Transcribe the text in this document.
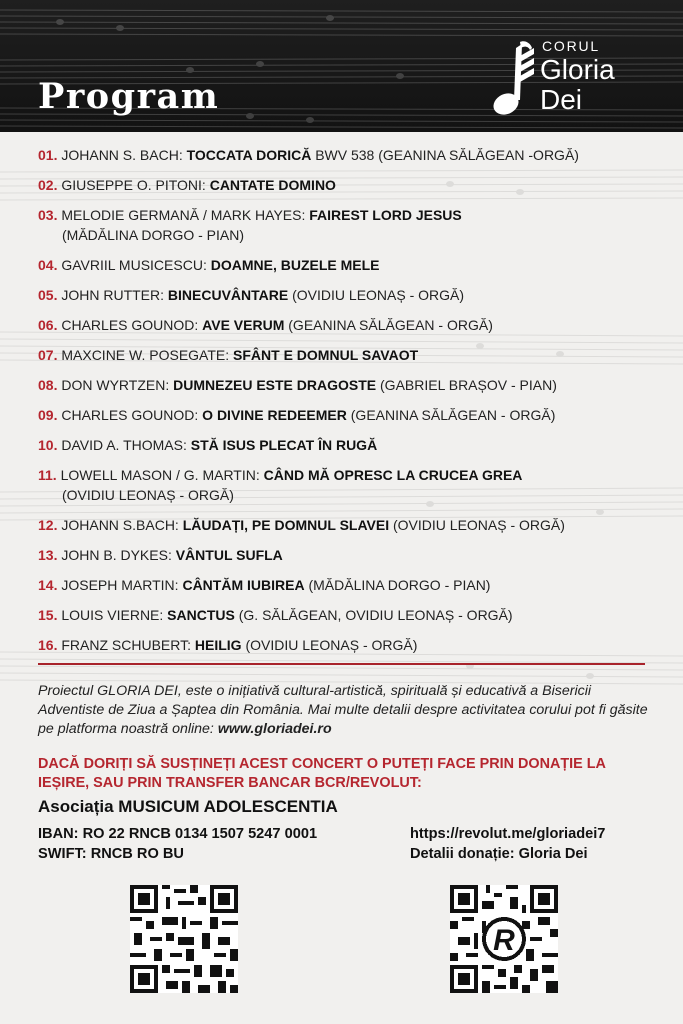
Program
CORUL
Gloria
Dei
01. JOHANN S. BACH: TOCCATA DORICĂ BWV 538 (GEANINA SĂLĂGEAN -ORGĂ)
02. GIUSEPPE O. PITONI: CANTATE DOMINO
03. MELODIE GERMANĂ / MARK HAYES: FAIREST LORD JESUS
(MĂDĂLINA DORGO - PIAN)
04. GAVRIIL MUSICESCU: DOAMNE, BUZELE MELE
05. JOHN RUTTER: BINECUVÂNTARE (OVIDIU LEONAȘ - ORGĂ)
06. CHARLES GOUNOD: AVE VERUM (GEANINA SĂLĂGEAN - ORGĂ)
07. MAXCINE W. POSEGATE: SFÂNT E DOMNUL SAVAOT
08. DON WYRTZEN: DUMNEZEU ESTE DRAGOSTE (GABRIEL BRAȘOV - PIAN)
09. CHARLES GOUNOD: O DIVINE REDEEMER (GEANINA SĂLĂGEAN - ORGĂ)
10. DAVID A. THOMAS: STĂ ISUS PLECAT ÎN RUGĂ
11. LOWELL MASON / G. MARTIN: CÂND MĂ OPRESC LA CRUCEA GREA
(OVIDIU LEONAȘ - ORGĂ)
12. JOHANN S.BACH: LĂUDAȚI, PE DOMNUL SLAVEI (OVIDIU LEONAȘ - ORGĂ)
13. JOHN B. DYKES: VÂNTUL SUFLA
14. JOSEPH MARTIN: CÂNTĂM IUBIREA (MĂDĂLINA DORGO - PIAN)
15. LOUIS VIERNE: SANCTUS (G. SĂLĂGEAN, OVIDIU LEONAȘ - ORGĂ)
16. FRANZ SCHUBERT: HEILIG (OVIDIU LEONAȘ - ORGĂ)

Proiectul GLORIA DEI, este o inițiativă cultural-artistică, spirituală și educativă a Bisericii Adventiste de Ziua a Șaptea din România. Mai multe detalii despre activitatea corului pot fi găsite pe platforma noastră online: www.gloriadei.ro

DACĂ DORIȚI SĂ SUSȚINEȚI ACEST CONCERT O PUTEȚI FACE PRIN DONAȚIE LA IEȘIRE, SAU PRIN TRANSFER BANCAR BCR/REVOLUT:

Asociația MUSICUM ADOLESCENTIA
IBAN: RO 22 RNCB 0134 1507 5247 0001
SWIFT: RNCB RO BU
https://revolut.me/gloriadei7
Detalii donație: Gloria Dei
R
